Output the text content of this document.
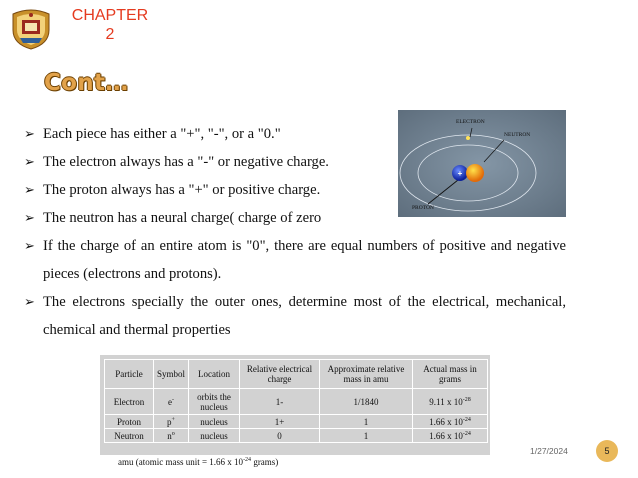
CHAPTER
2
Cont…
+
ELECTRON
NEUTRON
PROTON
➢ Each piece has either a "+", "-", or a "0."
➢ The electron always has a "-" or negative charge.
➢ The proton always has a "+" or positive charge.
➢ The neutron has a neural charge( charge of zero
➢ If the charge of an entire atom is "0", there are equal numbers of positive and negative pieces (electrons and protons).
➢ The electrons specially the outer ones, determine most of the electrical, mechanical, chemical and thermal properties
Particle	Symbol	Location	Relative electrical charge	Approximate relative mass in amu	Actual mass in grams
Electron	e-	orbits the nucleus	1-	1/1840	9.11 x $10^{-28}$
Proton	p+	nucleus	1+	1	1.66 x $10^{-24}$
Neutron	$n^o$	nucleus	0	1	1.66 x $10^{-24}$
amu (atomic mass unit = 1.66 x $10^{-24}$ grams)
1/27/2024	5
